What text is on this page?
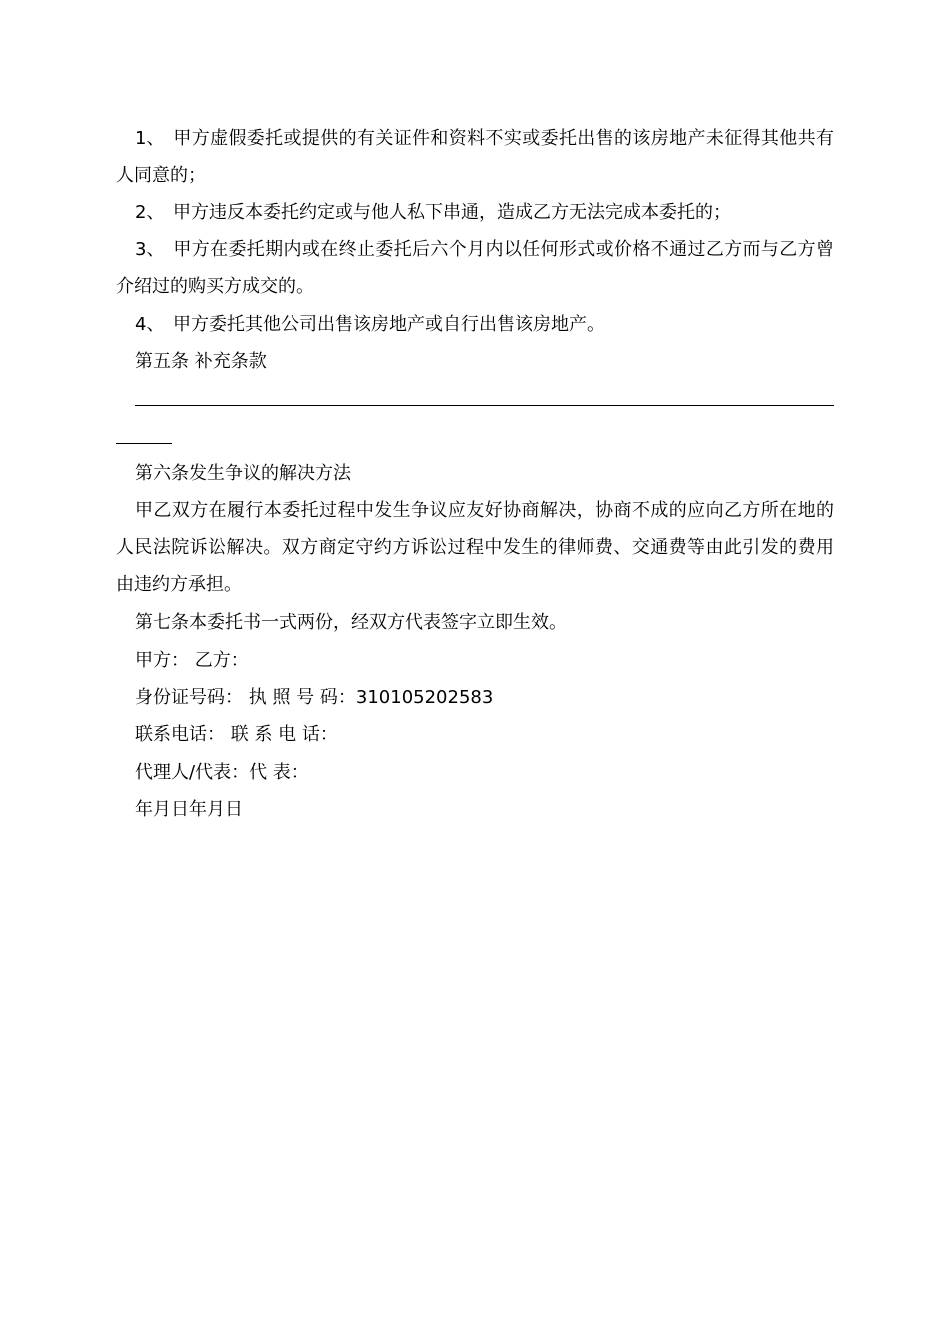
1、 甲方虚假委托或提供的有关证件和资料不实或委托出售的该房地产未征得其他共有人同意的；

2、 甲方违反本委托约定或与他人私下串通，造成乙方无法完成本委托的；

3、 甲方在委托期内或在终止委托后六个月内以任何形式或价格不通过乙方而与乙方曾介绍过的购买方成交的。

4、 甲方委托其他公司出售该房地产或自行出售该房地产。

第五条 补充条款
第六条发生争议的解决方法

甲乙双方在履行本委托过程中发生争议应友好协商解决，协商不成的应向乙方所在地的人民法院诉讼解决。双方商定守约方诉讼过程中发生的律师费、交通费等由此引发的费用由违约方承担。

第七条本委托书一式两份，经双方代表签字立即生效。
甲方： 乙方：
身份证号码： 执 照 号 码：310105202583
联系电话： 联 系 电 话：
代理人/代表：代 表：
年月日年月日
